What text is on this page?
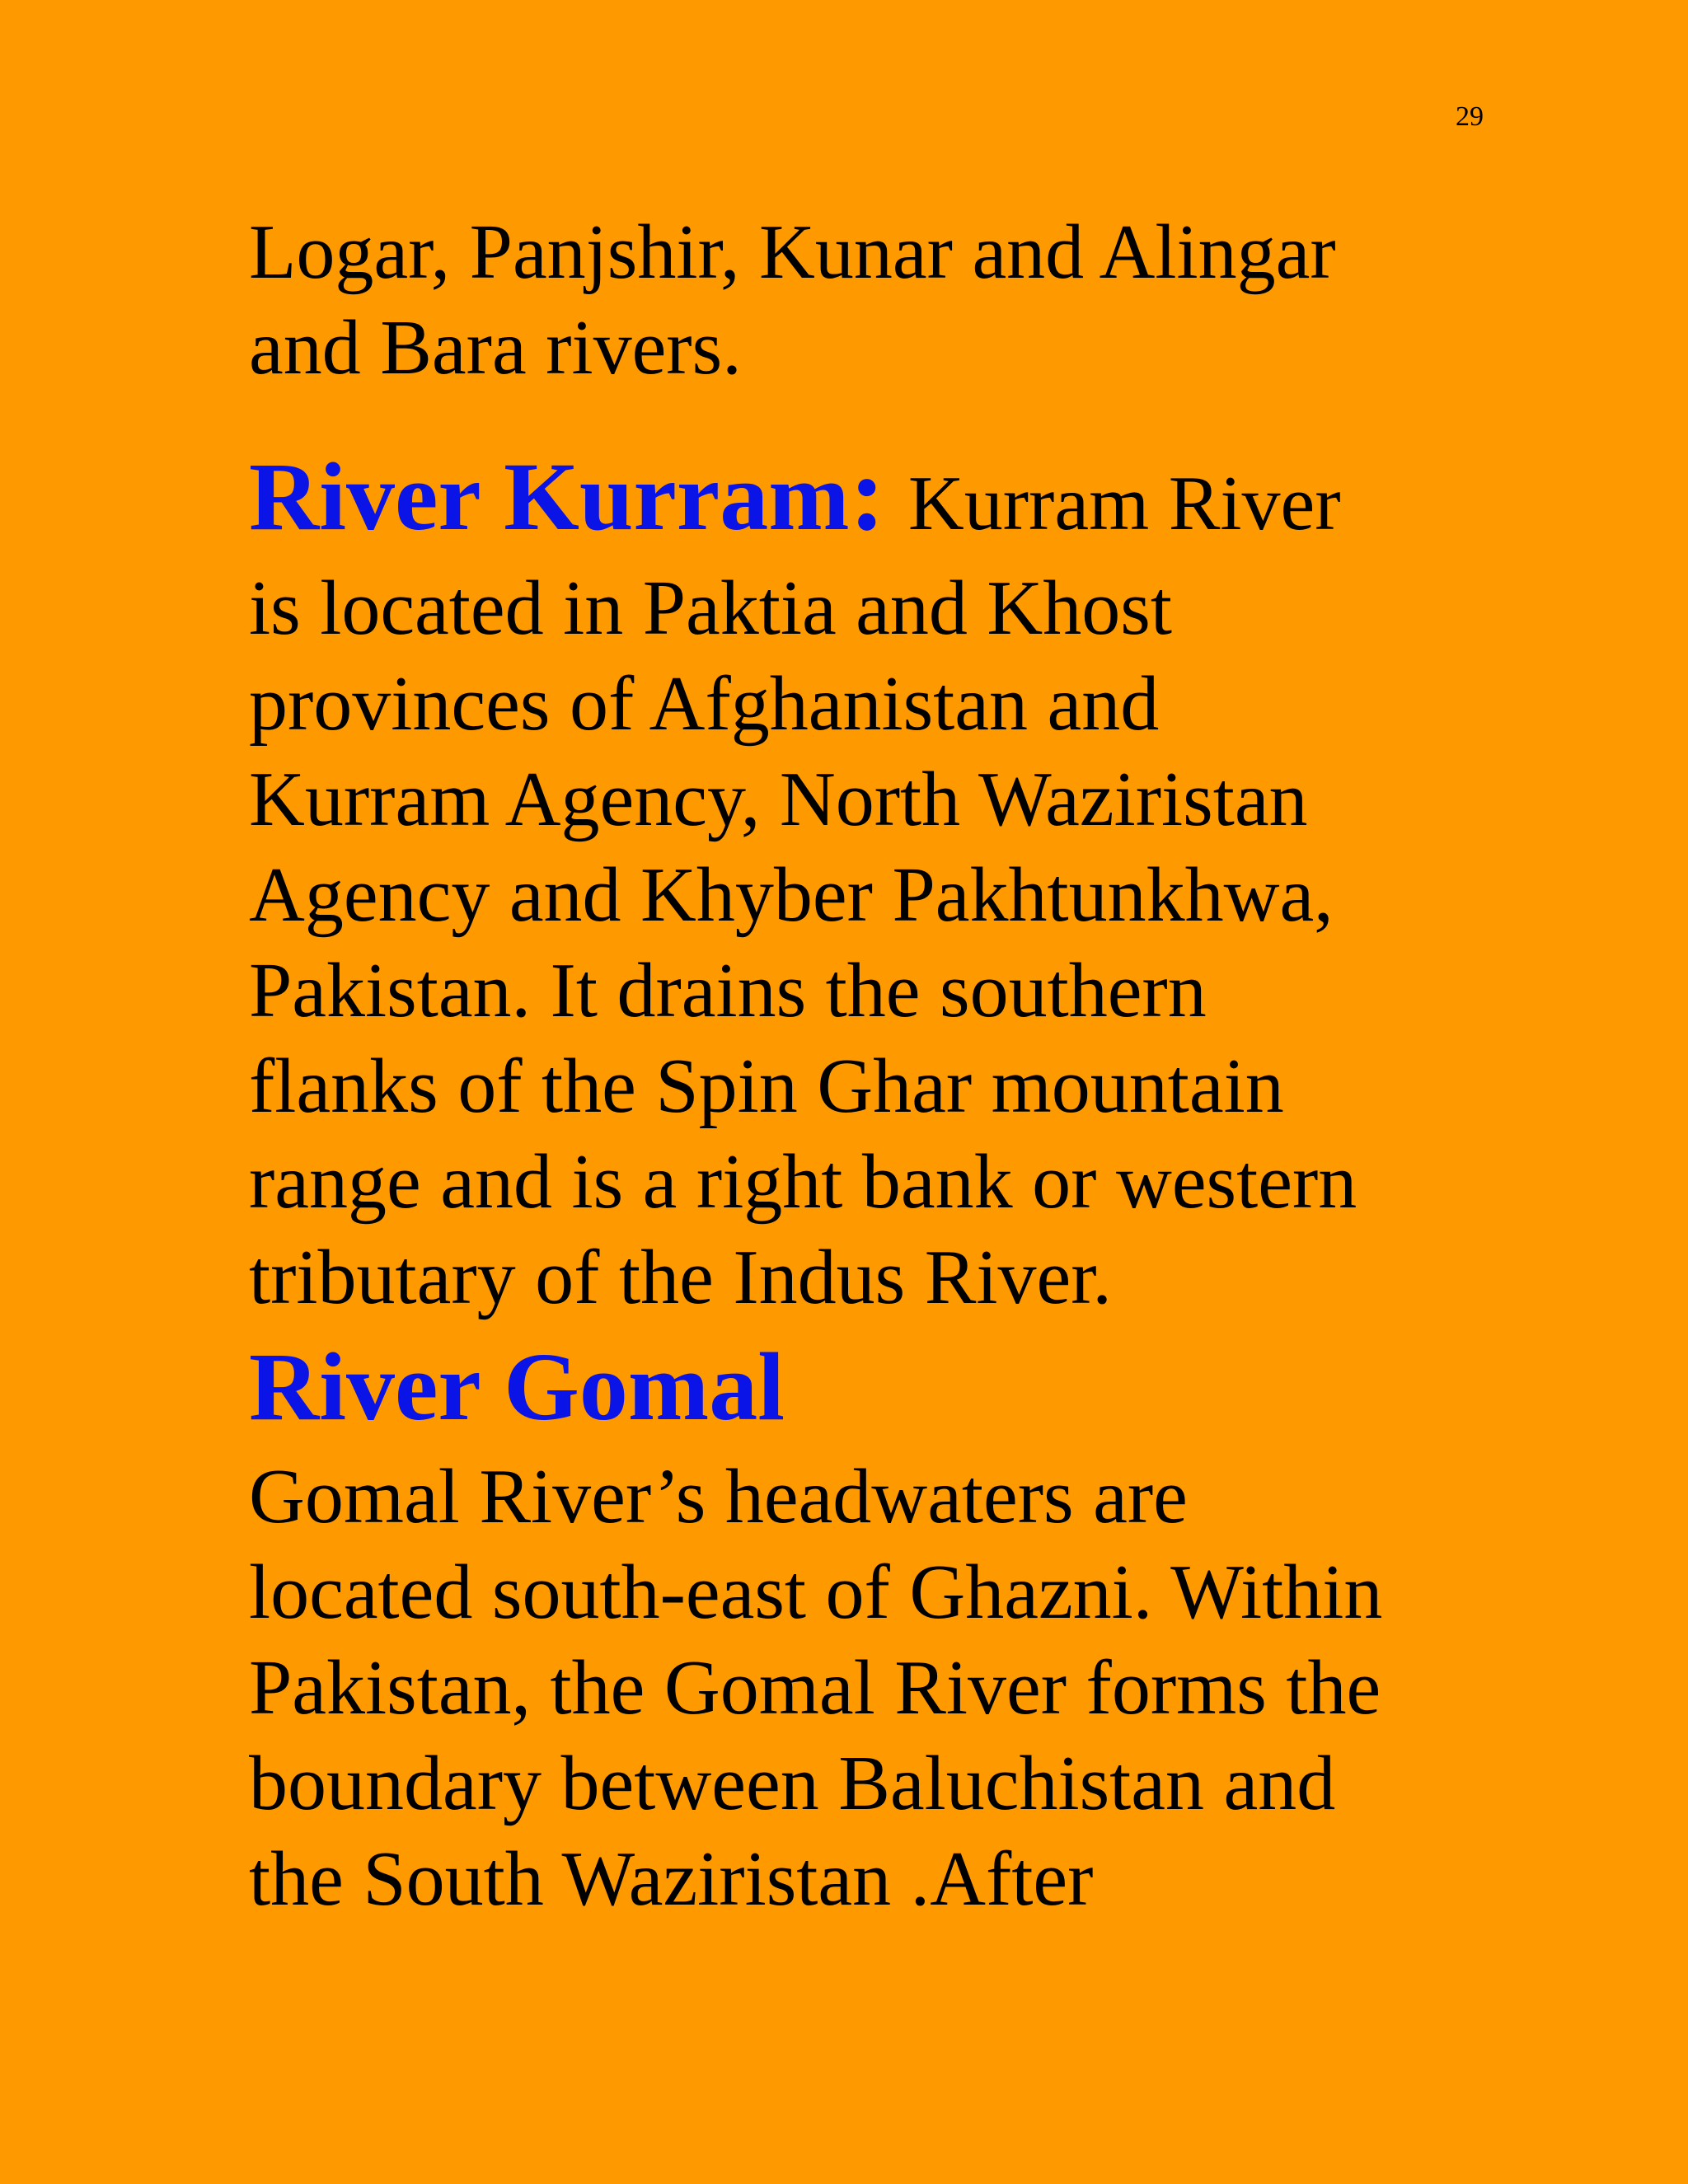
29
Logar, Panjshir, Kunar and Alingar
and Bara rivers.
River Kurram: Kurram River
is located in Paktia and Khost
provinces of Afghanistan and
Kurram Agency, North Waziristan
Agency and Khyber Pakhtunkhwa,
Pakistan. It drains the southern
flanks of the Spin Ghar mountain
range and is a right bank or western
tributary of the Indus River.
River Gomal
Gomal River’s headwaters are
located south-east of Ghazni. Within
Pakistan, the Gomal River forms the
boundary between Baluchistan and
the South Waziristan .After
